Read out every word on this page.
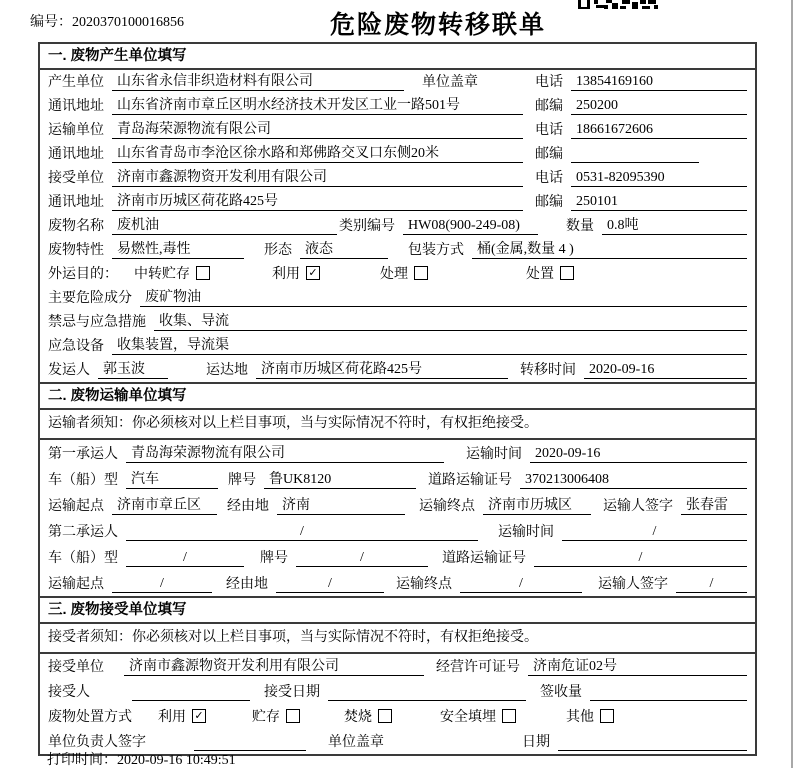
编号：2020370100016856	危险废物转移联单
一. 废物产生单位填写
产生单位 山东省永信非织造材料有限公司	单位盖章	电话 13854169160
通讯地址 山东省济南市章丘区明水经济技术开发区工业一路501号	邮编 250200
运输单位 青岛海荣源物流有限公司	电话 18661672606
通讯地址 山东省青岛市李沧区徐水路和郑佛路交叉口东侧20米	邮编
接受单位 济南市鑫源物资开发利用有限公司	电话 0531-82095390
通讯地址 济南市历城区荷花路425号	邮编 250101
废物名称 废机油	类别编号 HW08(900-249-08)	数量 0.8吨
废物特性 易燃性,毒性	形态 液态	包装方式 桶(金属,数量 4 )
外运目的： 中转贮存	利用 ✓	处理	处置
主要危险成分 废矿物油
禁忌与应急措施 收集、导流
应急设备 收集装置，导流渠
发运人 郭玉波	运达地 济南市历城区荷花路425号	转移时间 2020-09-16
二. 废物运输单位填写
运输者须知：你必须核对以上栏目事项，当与实际情况不符时，有权拒绝接受。
第一承运人 青岛海荣源物流有限公司	运输时间 2020-09-16
车（船）型 汽车	牌号 鲁UK8120	道路运输证号 370213006408
运输起点 济南市章丘区	经由地 济南	运输终点 济南市历城区	运输人签字 张春雷
第二承运人	/	运输时间	/
车（船）型	/	牌号	/	道路运输证号	/
运输起点	/	经由地	/	运输终点	/	运输人签字	/
三. 废物接受单位填写
接受者须知：你必须核对以上栏目事项，当与实际情况不符时，有权拒绝接受。
接受单位	济南市鑫源物资开发利用有限公司	经营许可证号 济南危证02号
接受人	接受日期	签收量
废物处置方式 利用 ✓	贮存	焚烧	安全填埋	其他
单位负责人签字	单位盖章	日期
打印时间：2020-09-16 10:49:51
